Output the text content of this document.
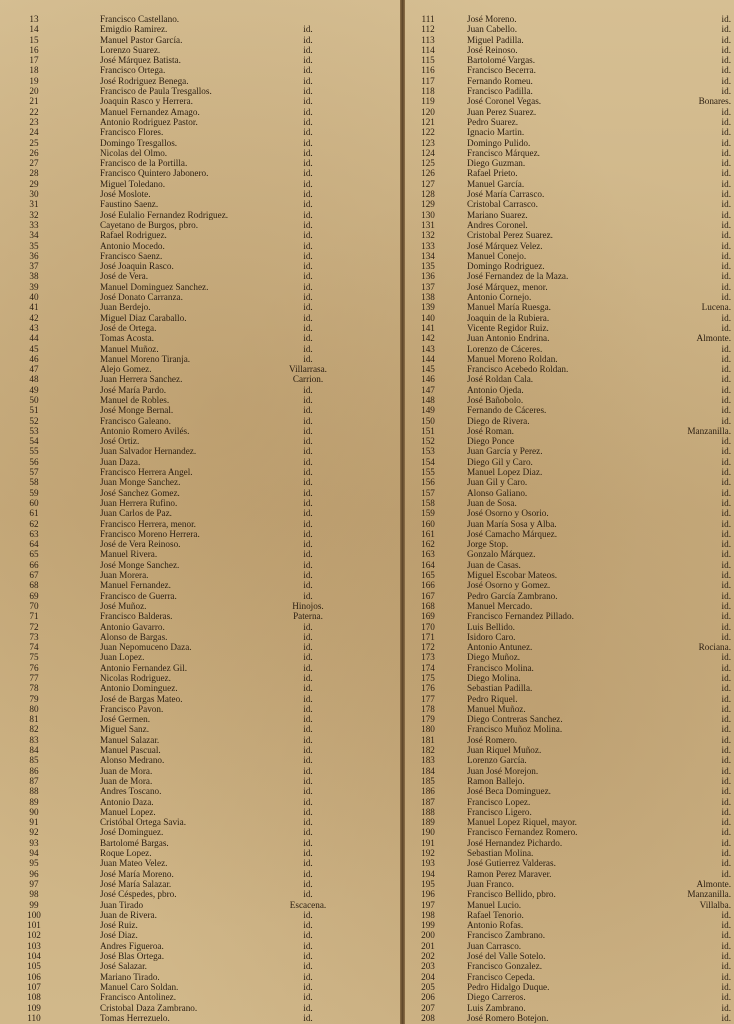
13	Francisco Castellano.
14	Emigdio Ramirez.	id.
15	Manuel Pastor García.	id.
16	Lorenzo Suarez.	id.
17	José Márquez Batista.	id.
18	Francisco Ortega.	id.
19	José Rodriguez Benega.	id.
20	Francisco de Paula Tresgallos.	id.
21	Joaquin Rasco y Herrera.	id.
22	Manuel Fernandez Amago.	id.
23	Antonio Rodriguez Pastor.	id.
24	Francisco Flores.	id.
25	Domingo Tresgallos.	id.
26	Nicolas del Olmo.	id.
27	Francisco de la Portilla.	id.
28	Francisco Quintero Jabonero.	id.
29	Miguel Toledano.	id.
30	José Moslote.	id.
31	Faustino Saenz.	id.
32	José Eulalio Fernandez Rodriguez.	id.
33	Cayetano de Burgos, pbro.	id.
34	Rafael Rodriguez.	id.
35	Antonio Mocedo.	id.
36	Francisco Saenz.	id.
37	José Joaquin Rasco.	id.
38	José de Vera.	id.
39	Manuel Dominguez Sanchez.	id.
40	José Donato Carranza.	id.
41	Juan Berdejo.	id.
42	Miguel Diaz Caraballo.	id.
43	José de Ortega.	id.
44	Tomas Acosta.	id.
45	Manuel Muñoz.	id.
46	Manuel Moreno Tiranja.	id.
47	Alejo Gomez.	Villarrasa.
48	Juan Herrera Sanchez.	Carrion.
49	José María Pardo.	id.
50	Manuel de Robles.	id.
51	José Monge Bernal.	id.
52	Francisco Galeano.	id.
53	Antonio Romero Avilés.	id.
54	José Ortiz.	id.
55	Juan Salvador Hernandez.	id.
56	Juan Daza.	id.
57	Francisco Herrera Angel.	id.
58	Juan Monge Sanchez.	id.
59	José Sanchez Gomez.	id.
60	Juan Herrera Rufino.	id.
61	Juan Carlos de Paz.	id.
62	Francisco Herrera, menor.	id.
63	Francisco Moreno Herrera.	id.
64	José de Vera Reinoso.	id.
65	Manuel Rivera.	id.
66	José Monge Sanchez.	id.
67	Juan Morera.	id.
68	Manuel Fernandez.	id.
69	Francisco de Guerra.	id.
70	José Muñoz.	Hinojos.
71	Francisco Balderas.	Paterna.
72	Antonio Gavarro.	id.
73	Alonso de Bargas.	id.
74	Juan Nepomuceno Daza.	id.
75	Juan Lopez.	id.
76	Antonio Fernandez Gil.	id.
77	Nicolas Rodriguez.	id.
78	Antonio Dominguez.	id.
79	José de Bargas Mateo.	id.
80	Francisco Pavon.	id.
81	José Germen.	id.
82	Miguel Sanz.	id.
83	Manuel Salazar.	id.
84	Manuel Pascual.	id.
85	Alonso Medrano.	id.
86	Juan de Mora.	id.
87	Juan de Mora.	id.
88	Andres Toscano.	id.
89	Antonio Daza.	id.
90	Manuel Lopez.	id.
91	Cristóbal Ortega Savia.	id.
92	José Dominguez.	id.
93	Bartolomé Bargas.	id.
94	Roque Lopez.	id.
95	Juan Mateo Velez.	id.
96	José María Moreno.	id.
97	José María Salazar.	id.
98	José Céspedes, pbro.	id.
99	Juan Tirado	Escacena.
100	Juan de Rivera.	id.
101	José Ruiz.	id.
102	José Diaz.	id.
103	Andres Figueroa.	id.
104	José Blas Ortega.	id.
105	José Salazar.	id.
106	Mariano Tirado.	id.
107	Manuel Caro Soldan.	id.
108	Francisco Antolinez.	id.
109	Cristobal Daza Zambrano.	id.
110	Tomas Herrezuelo.	id.
111	José Moreno.	id.
112	Juan Cabello.	id.
113	Miguel Padilla.	id.
114	José Reinoso.	id.
115	Bartolomé Vargas.	id.
116	Francisco Becerra.	id.
117	Fernando Romeu.	id.
118	Francisco Padilla.	id.
119	José Coronel Vegas.	Bonares.
120	Juan Perez Suarez.	id.
121	Pedro Suarez.	id.
122	Ignacio Martin.	id.
123	Domingo Pulido.	id.
124	Francisco Márquez.	id.
125	Diego Guzman.	id.
126	Rafael Prieto.	id.
127	Manuel García.	id.
128	José María Carrasco.	id.
129	Cristobal Carrasco.	id.
130	Mariano Suarez.	id.
131	Andres Coronel.	id.
132	Cristobal Perez Suarez.	id.
133	José Márquez Velez.	id.
134	Manuel Conejo.	id.
135	Domingo Rodriguez.	id.
136	José Fernandez de la Maza.	id.
137	José Márquez, menor.	id.
138	Antonio Cornejo.	id.
139	Manuel María Ruesga.	Lucena.
140	Joaquin de la Rubiera.	id.
141	Vicente Regidor Ruiz.	id.
142	Juan Antonio Endrina.	Almonte.
143	Lorenzo de Cáceres.	id.
144	Manuel Moreno Roldan.	id.
145	Francisco Acebedo Roldan.	id.
146	José Roldan Cala.	id.
147	Antonio Ojeda.	id.
148	José Bañobolo.	id.
149	Fernando de Cáceres.	id.
150	Diego de Rivera.	id.
151	José Roman.	Manzanilla.
152	Diego Ponce	id.
153	Juan García y Perez.	id.
154	Diego Gil y Caro.	id.
155	Manuel Lopez Diaz.	id.
156	Juan Gil y Caro.	id.
157	Alonso Galiano.	id.
158	Juan de Sosa.	id.
159	José Osorno y Osorio.	id.
160	Juan María Sosa y Alba.	id.
161	José Camacho Márquez.	id.
162	Jorge Stop.	id.
163	Gonzalo Márquez.	id.
164	Juan de Casas.	id.
165	Miguel Escobar Mateos.	id.
166	José Osorno y Gomez.	id.
167	Pedro García Zambrano.	id.
168	Manuel Mercado.	id.
169	Francisco Fernandez Pillado.	id.
170	Luis Bellido.	id.
171	Isidoro Caro.	id.
172	Antonio Antunez.	Rociana.
173	Diego Muñoz.	id.
174	Francisco Molina.	id.
175	Diego Molina.	id.
176	Sebastian Padilla.	id.
177	Pedro Riquel.	id.
178	Manuel Muñoz.	id.
179	Diego Contreras Sanchez.	id.
180	Francisco Muñoz Molina.	id.
181	José Romero.	id.
182	Juan Riquel Muñoz.	id.
183	Lorenzo García.	id.
184	Juan José Morejon.	id.
185	Ramon Ballejo.	id.
186	José Beca Dominguez.	id.
187	Francisco Lopez.	id.
188	Francisco Ligero.	id.
189	Manuel Lopez Riquel, mayor.	id.
190	Francisco Fernandez Romero.	id.
191	José Hernandez Pichardo.	id.
192	Sebastian Molina.	id.
193	José Gutierrez Valderas.	id.
194	Ramon Perez Maraver.	id.
195	Juan Franco.	Almonte.
196	Francisco Bellido, pbro.	Manzanilla.
197	Manuel Lucio.	Villalba.
198	Rafael Tenorio.	id.
199	Antonio Rofas.	id.
200	Francisco Zambrano.	id.
201	Juan Carrasco.	id.
202	José del Valle Sotelo.	id.
203	Francisco Gonzalez.	id.
204	Francisco Cepeda.	id.
205	Pedro Hidalgo Duque.	id.
206	Diego Carreros.	id.
207	Luis Zambrano.	id.
208	José Romero Botejon.	id.
